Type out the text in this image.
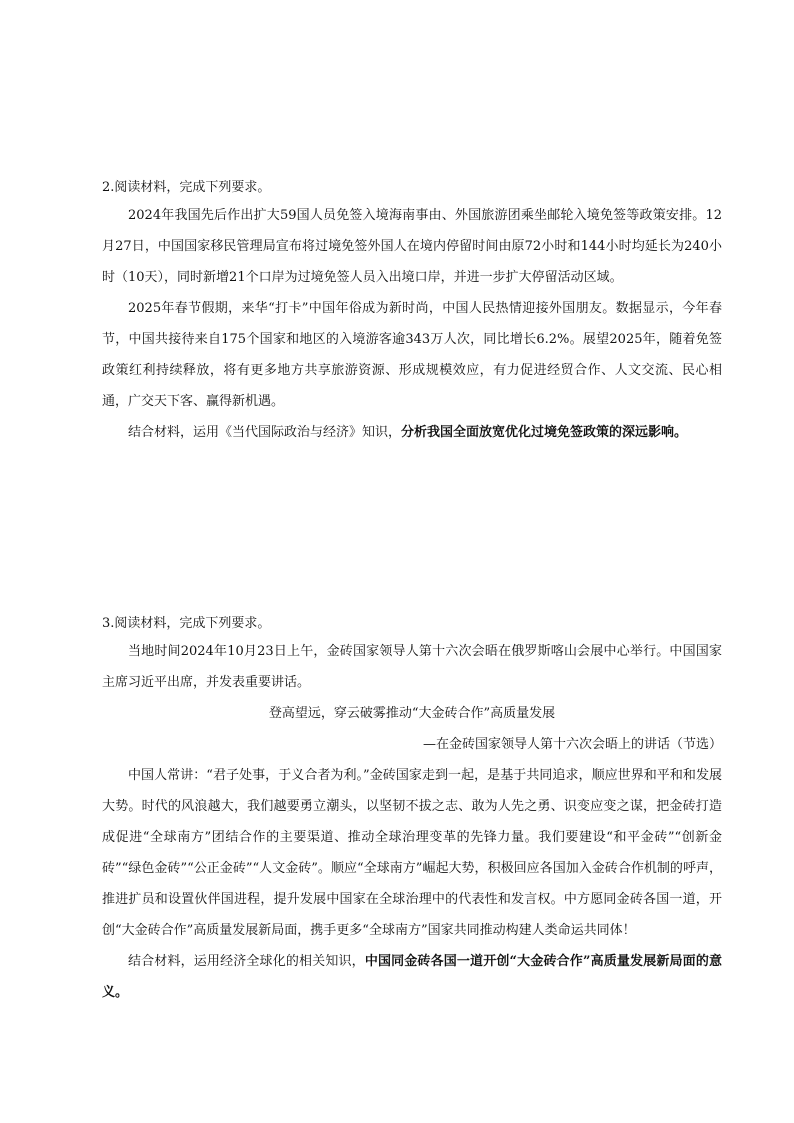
2.阅读材料，完成下列要求。

2024年我国先后作出扩大59国人员免签入境海南事由、外国旅游团乘坐邮轮入境免签等政策安排。12月27日，中国国家移民管理局宣布将过境免签外国人在境内停留时间由原72小时和144小时均延长为240小时（10天），同时新增21个口岸为过境免签人员入出境口岸，并进一步扩大停留活动区域。

2025年春节假期，来华“打卡”中国年俗成为新时尚，中国人民热情迎接外国朋友。数据显示，今年春节，中国共接待来自175个国家和地区的入境游客逾343万人次，同比增长6.2%。展望2025年，随着免签政策红利持续释放，将有更多地方共享旅游资源、形成规模效应，有力促进经贸合作、人文交流、民心相通，广交天下客、赢得新机遇。

结合材料，运用《当代国际政治与经济》知识，分析我国全面放宽优化过境免签政策的深远影响。

3.阅读材料，完成下列要求。

当地时间2024年10月23日上午，金砖国家领导人第十六次会晤在俄罗斯喀山会展中心举行。中国国家主席习近平出席，并发表重要讲话。

登高望远，穿云破雾推动“大金砖合作”高质量发展

—在金砖国家领导人第十六次会晤上的讲话（节选）

中国人常讲：“君子处事，于义合者为利。”金砖国家走到一起，是基于共同追求，顺应世界和平和和发展大势。时代的风浪越大，我们越要勇立潮头，以坚韧不拔之志、敢为人先之勇、识变应变之谋，把金砖打造成促进“全球南方”团结合作的主要渠道、推动全球治理变革的先锋力量。我们要建设“和平金砖”“创新金砖”“绿色金砖”“公正金砖”“人文金砖”。顺应“全球南方”崛起大势，积极回应各国加入金砖合作机制的呼声，推进扩员和设置伙伴国进程，提升发展中国家在全球治理中的代表性和发言权。中方愿同金砖各国一道，开创“大金砖合作”高质量发展新局面，携手更多“全球南方”国家共同推动构建人类命运共同体！

结合材料，运用经济全球化的相关知识，中国同金砖各国一道开创“大金砖合作”高质量发展新局面的意义。
